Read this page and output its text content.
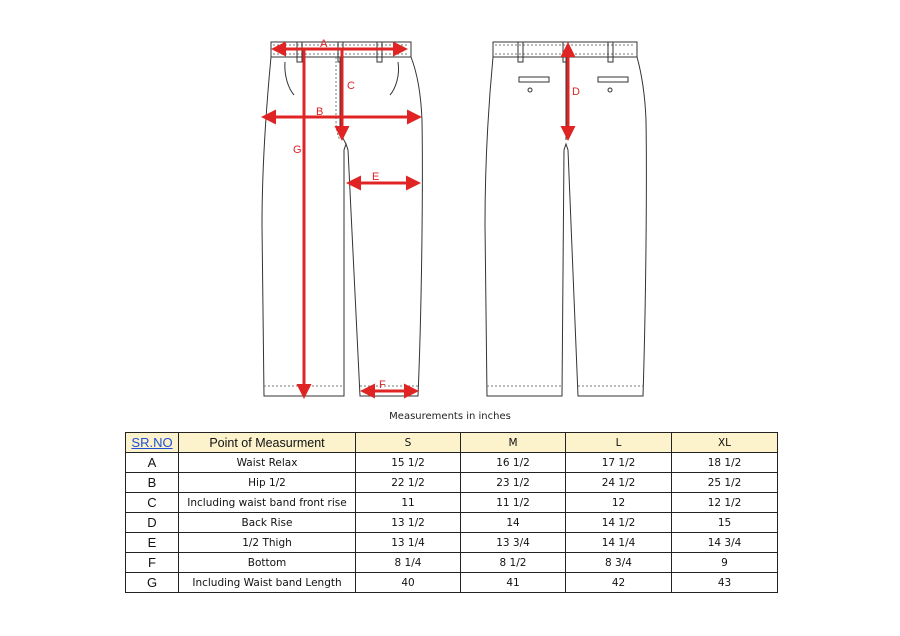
A
B
C	D
E
F
G
Measurements in inches
SR.NO	Point of Measurment	S	M	L	XL
A	Waist Relax	15 1/2	16 1/2	17 1/2	18 1/2
B	Hip 1/2	22 1/2	23 1/2	24 1/2	25 1/2
C	Including waist band front rise	11	11 1/2	12	12 1/2
D	Back Rise	13 1/2	14	14 1/2	15
E	1/2 Thigh	13 1/4	13 3/4	14 1/4	14 3/4
F	Bottom	8 1/4	8 1/2	8 3/4	9
G	Including Waist band Length	40	41	42	43
